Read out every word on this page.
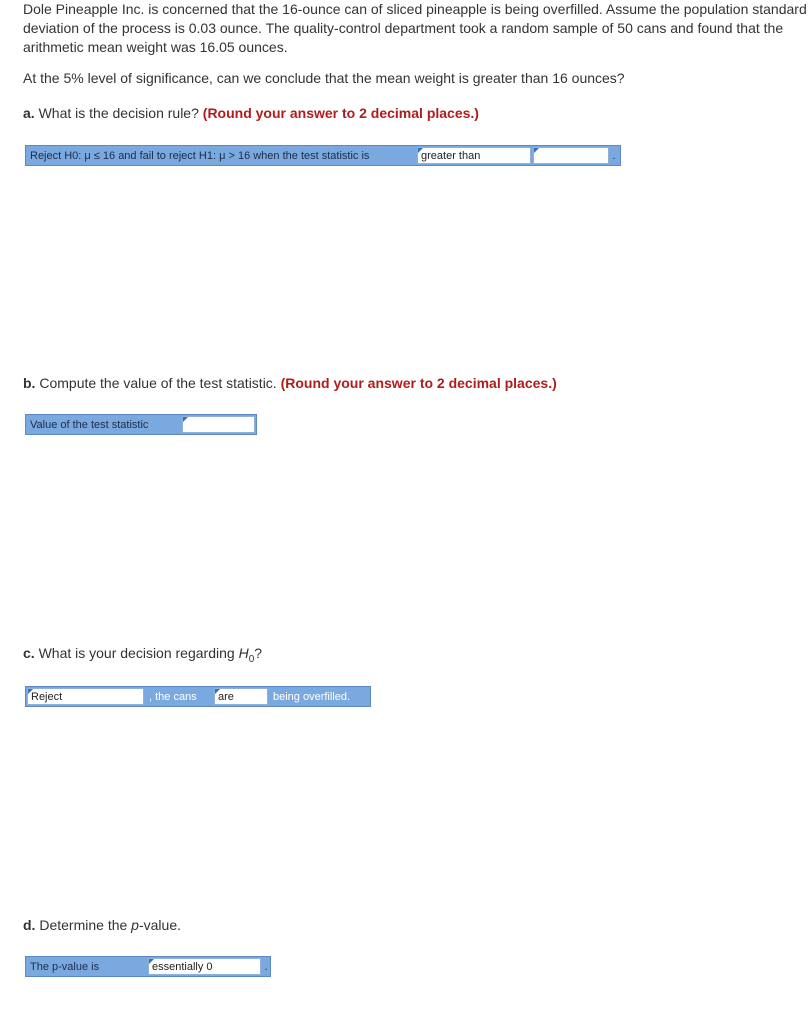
Dole Pineapple Inc. is concerned that the 16-ounce can of sliced pineapple is being overfilled. Assume the population standard deviation of the process is 0.03 ounce. The quality-control department took a random sample of 50 cans and found that the arithmetic mean weight was 16.05 ounces.

At the 5% level of significance, can we conclude that the mean weight is greater than 16 ounces?

a. What is the decision rule? (Round your answer to 2 decimal places.)

Reject H0: μ ≤ 16 and fail to reject H1: μ > 16 when the test statistic is	greater than	.

b. Compute the value of the test statistic. (Round your answer to 2 decimal places.)

Value of the test statistic

c. What is your decision regarding $H_0$?

Reject	, the cans	are	being overfilled.

d. Determine the p-value.

The p-value is	essentially 0	.
